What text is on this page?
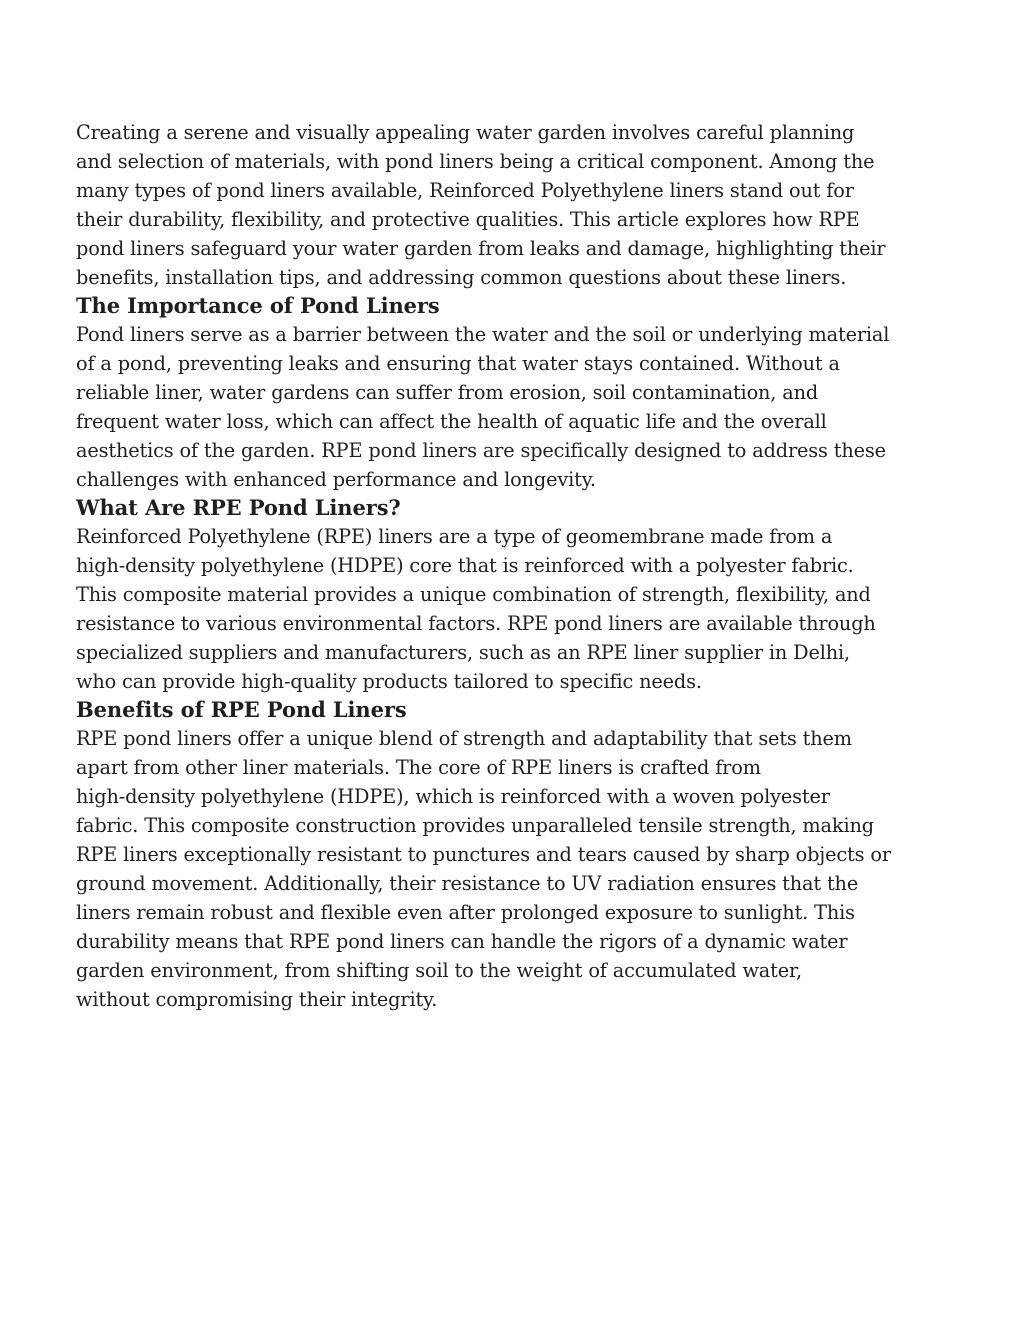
Creating a serene and visually appealing water garden involves careful planning
and selection of materials, with pond liners being a critical component. Among the
many types of pond liners available, Reinforced Polyethylene liners stand out for
their durability, flexibility, and protective qualities. This article explores how RPE
pond liners safeguard your water garden from leaks and damage, highlighting their
benefits, installation tips, and addressing common questions about these liners.

The Importance of Pond Liners

Pond liners serve as a barrier between the water and the soil or underlying material
of a pond, preventing leaks and ensuring that water stays contained. Without a
reliable liner, water gardens can suffer from erosion, soil contamination, and
frequent water loss, which can affect the health of aquatic life and the overall
aesthetics of the garden. RPE pond liners are specifically designed to address these
challenges with enhanced performance and longevity.

What Are RPE Pond Liners?

Reinforced Polyethylene (RPE) liners are a type of geomembrane made from a
high-density polyethylene (HDPE) core that is reinforced with a polyester fabric.
This composite material provides a unique combination of strength, flexibility, and
resistance to various environmental factors. RPE pond liners are available through
specialized suppliers and manufacturers, such as an RPE liner supplier in Delhi,
who can provide high-quality products tailored to specific needs.

Benefits of RPE Pond Liners

RPE pond liners offer a unique blend of strength and adaptability that sets them
apart from other liner materials. The core of RPE liners is crafted from
high-density polyethylene (HDPE), which is reinforced with a woven polyester
fabric. This composite construction provides unparalleled tensile strength, making
RPE liners exceptionally resistant to punctures and tears caused by sharp objects or
ground movement. Additionally, their resistance to UV radiation ensures that the
liners remain robust and flexible even after prolonged exposure to sunlight. This
durability means that RPE pond liners can handle the rigors of a dynamic water
garden environment, from shifting soil to the weight of accumulated water,
without compromising their integrity.
